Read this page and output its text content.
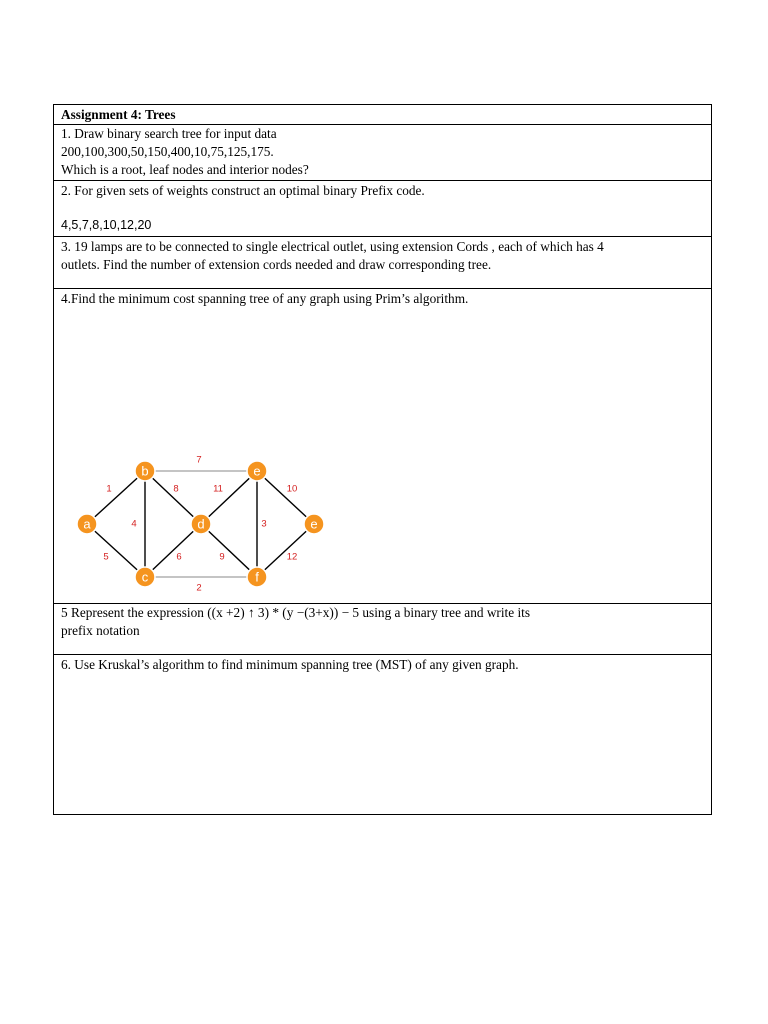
Assignment 4: Trees
1. Draw binary search tree for input data
200,100,300,50,150,400,10,75,125,175.
Which is a root, leaf nodes and interior nodes?
2. For given sets of weights construct an optimal binary Prefix code.
4,5,7,8,10,12,20
3. 19 lamps are to be connected to single electrical outlet, using extension Cords , each of which has 4
outlets. Find the number of extension cords needed and draw corresponding tree.
4.Find the minimum cost spanning tree of any graph using Prim’s algorithm.
7
1	8	11	10
4	3
5	6	9	12
2
a
b
c
d
e
f
e
5 Represent the expression ((x +2) ↑ 3) * (y −(3+x)) − 5 using a binary tree and write its
prefix notation
6. Use Kruskal’s algorithm to find minimum spanning tree (MST) of any given graph.
